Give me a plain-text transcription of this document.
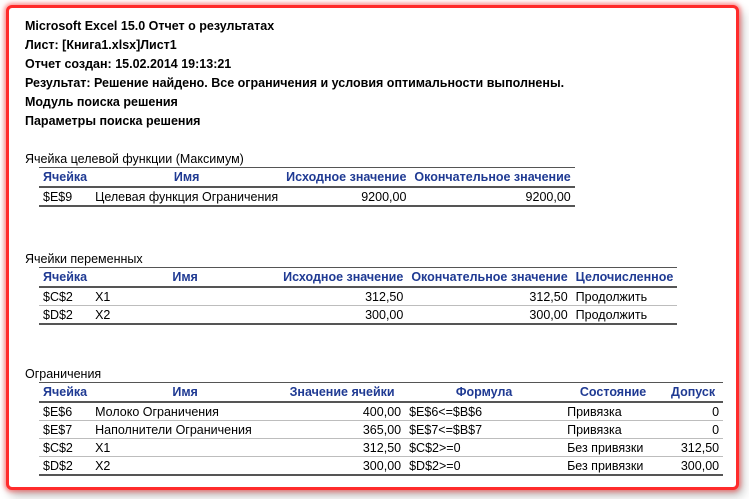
Microsoft Excel 15.0 Отчет о результатах
Лист: [Книга1.xlsx]Лист1
Отчет создан: 15.02.2014 19:13:21
Результат: Решение найдено. Все ограничения и условия оптимальности выполнены.
Модуль поиска решения
Параметры поиска решения
Ячейка целевой функции (Максимум)
Ячейка	Имя	Исходное значение	Окончательное значение
$E$9	Целевая функция Ограничения	9200,00	9200,00
Ячейки переменных
Ячейка	Имя	Исходное значение	Окончательное значение	Целочисленное
$C$2	X1	312,50	312,50	Продолжить
$D$2	X2	300,00	300,00	Продолжить
Ограничения
Ячейка	Имя	Значение ячейки	Формула	Состояние	Допуск
$E$6	Молоко Ограничения	400,00	$E$6<=$B$6	Привязка	0
$E$7	Наполнители Ограничения	365,00	$E$7<=$B$7	Привязка	0
$C$2	X1	312,50	$C$2>=0	Без привязки	312,50
$D$2	X2	300,00	$D$2>=0	Без привязки	300,00
